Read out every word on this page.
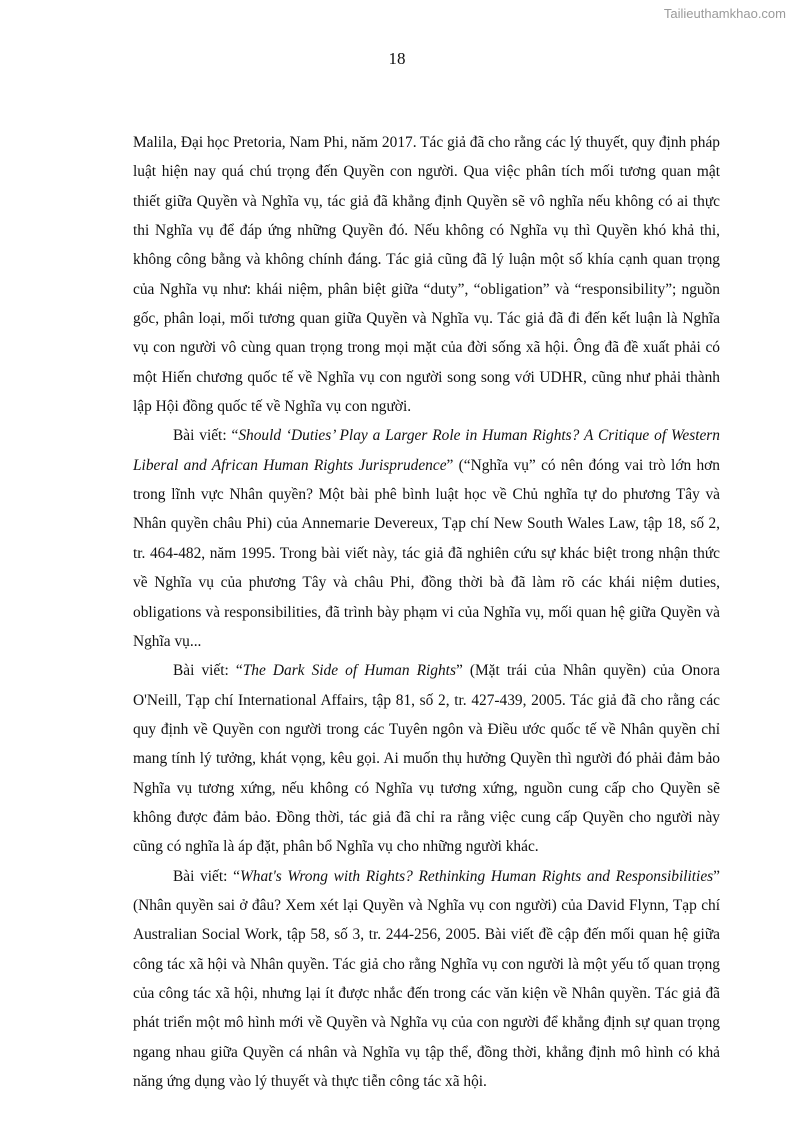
Tailieuthamkhao.com
18

Malila, Đại học Pretoria, Nam Phi, năm 2017. Tác giả đã cho rằng các lý thuyết, quy định pháp luật hiện nay quá chú trọng đến Quyền con người. Qua việc phân tích mối tương quan mật thiết giữa Quyền và Nghĩa vụ, tác giả đã khẳng định Quyền sẽ vô nghĩa nếu không có ai thực thi Nghĩa vụ để đáp ứng những Quyền đó. Nếu không có Nghĩa vụ thì Quyền khó khả thi, không công bằng và không chính đáng. Tác giả cũng đã lý luận một số khía cạnh quan trọng của Nghĩa vụ như: khái niệm, phân biệt giữa “duty”, “obligation” và “responsibility”; nguồn gốc, phân loại, mối tương quan giữa Quyền và Nghĩa vụ. Tác giả đã đi đến kết luận là Nghĩa vụ con người vô cùng quan trọng trong mọi mặt của đời sống xã hội. Ông đã đề xuất phải có một Hiến chương quốc tế về Nghĩa vụ con người song song với UDHR, cũng như phải thành lập Hội đồng quốc tế về Nghĩa vụ con người.

Bài viết: “Should ‘Duties’ Play a Larger Role in Human Rights? A Critique of Western Liberal and African Human Rights Jurisprudence” (“Nghĩa vụ” có nên đóng vai trò lớn hơn trong lĩnh vực Nhân quyền? Một bài phê bình luật học về Chủ nghĩa tự do phương Tây và Nhân quyền châu Phi) của Annemarie Devereux, Tạp chí New South Wales Law, tập 18, số 2, tr. 464-482, năm 1995. Trong bài viết này, tác giả đã nghiên cứu sự khác biệt trong nhận thức về Nghĩa vụ của phương Tây và châu Phi, đồng thời bà đã làm rõ các khái niệm duties, obligations và responsibilities, đã trình bày phạm vi của Nghĩa vụ, mối quan hệ giữa Quyền và Nghĩa vụ...

Bài viết: “The Dark Side of Human Rights” (Mặt trái của Nhân quyền) của Onora O'Neill, Tạp chí International Affairs, tập 81, số 2, tr. 427-439, 2005. Tác giả đã cho rằng các quy định về Quyền con người trong các Tuyên ngôn và Điều ước quốc tế về Nhân quyền chỉ mang tính lý tưởng, khát vọng, kêu gọi. Ai muốn thụ hưởng Quyền thì người đó phải đảm bảo Nghĩa vụ tương xứng, nếu không có Nghĩa vụ tương xứng, nguồn cung cấp cho Quyền sẽ không được đảm bảo. Đồng thời, tác giả đã chỉ ra rằng việc cung cấp Quyền cho người này cũng có nghĩa là áp đặt, phân bổ Nghĩa vụ cho những người khác.

Bài viết: “What's Wrong with Rights? Rethinking Human Rights and Responsibilities” (Nhân quyền sai ở đâu? Xem xét lại Quyền và Nghĩa vụ con người) của David Flynn, Tạp chí Australian Social Work, tập 58, số 3, tr. 244-256, 2005. Bài viết đề cập đến mối quan hệ giữa công tác xã hội và Nhân quyền. Tác giả cho rằng Nghĩa vụ con người là một yếu tố quan trọng của công tác xã hội, nhưng lại ít được nhắc đến trong các văn kiện về Nhân quyền. Tác giả đã phát triển một mô hình mới về Quyền và Nghĩa vụ của con người để khẳng định sự quan trọng ngang nhau giữa Quyền cá nhân và Nghĩa vụ tập thể, đồng thời, khẳng định mô hình có khả năng ứng dụng vào lý thuyết và thực tiễn công tác xã hội.
